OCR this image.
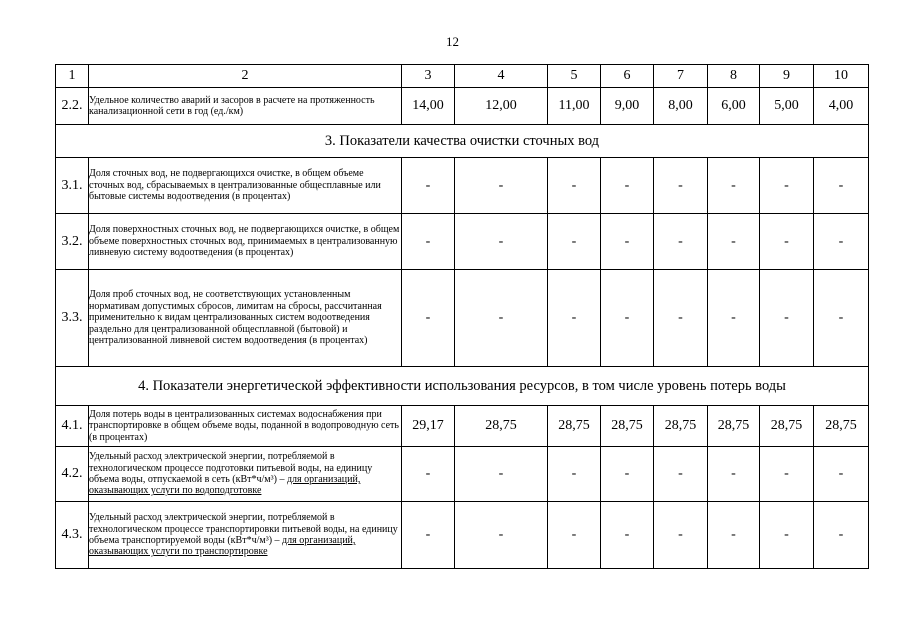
12
1	2	3	4	5	6	7	8	9	10
2.2.	Удельное количество аварий и засоров в расчете на протяженность канализационной сети в год (ед./км)	14,00	12,00	11,00	9,00	8,00	6,00	5,00	4,00
3. Показатели качества очистки сточных вод									
3.1.	Доля сточных вод, не подвергающихся очистке, в общем объеме сточных вод, сбрасываемых в централизованные общесплавные или бытовые системы водоотведения (в процентах)	-	-	-	-	-	-	-	-
3.2.	Доля поверхностных сточных вод, не подвергающихся очистке, в общем объеме поверхностных сточных вод, принимаемых в централизованную ливневую систему водоотведения (в процентах)	-	-	-	-	-	-	-	-
3.3.	Доля проб сточных вод, не соответствующих установленным нормативам допустимых сбросов, лимитам на сбросы, рассчитанная применительно к видам централизованных систем водоотведения раздельно для централизованной общесплавной (бытовой) и централизованной ливневой систем водоотведения (в процентах)	-	-	-	-	-	-	-	-
4. Показатели энергетической эффективности использования ресурсов, в том числе уровень потерь воды									
4.1.	Доля потерь воды в централизованных системах водоснабжения при транспортировке в общем объеме воды, поданной в водопроводную сеть (в процентах)	29,17	28,75	28,75	28,75	28,75	28,75	28,75	28,75
4.2.	Удельный расход электрической энергии, потребляемой в технологическом процессе подготовки питьевой воды, на единицу объема воды, отпускаемой в сеть (кВт*ч/м³) – для организаций, оказывающих услуги по водоподготовке	-	-	-	-	-	-	-	-
4.3.	Удельный расход электрической энергии, потребляемой в технологическом процессе транспортировки питьевой воды, на единицу объема транспортируемой воды (кВт*ч/м³) – для организаций, оказывающих услуги по транспортировке	-	-	-	-	-	-	-	-
